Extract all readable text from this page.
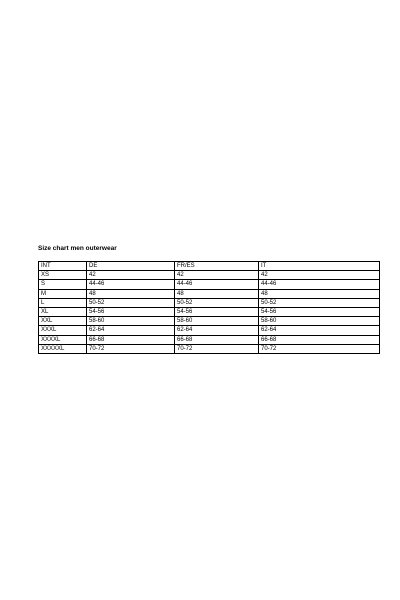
Size chart men outerwear
INT	DE	FR/ES	IT
XS	42	42	42
S	44-46	44-46	44-46
M	48	48	48
L	50-52	50-52	50-52
XL	54-56	54-56	54-56
XXL	58-60	58-60	58-60
XXXL	62-64	62-64	62-64
XXXXL	66-68	66-68	66-68
XXXXXL	70-72	70-72	70-72
